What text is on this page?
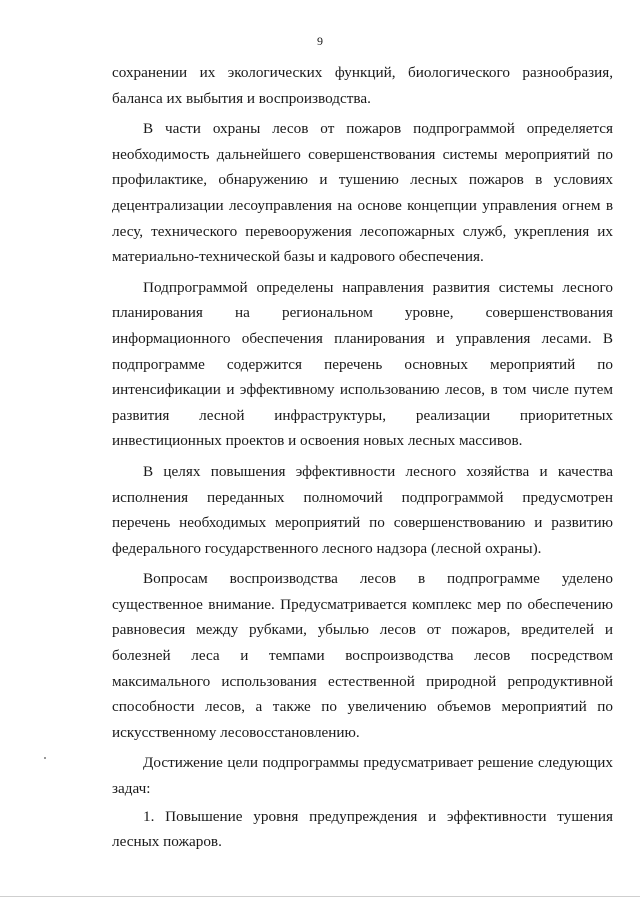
9

сохранении их экологических функций, биологического разнообразия, баланса их выбытия и воспроизводства.

В части охраны лесов от пожаров подпрограммой определяется необходимость дальнейшего совершенствования системы мероприятий по профилактике, обнаружению и тушению лесных пожаров в условиях децентрализации лесоуправления на основе концепции управления огнем в лесу, технического перевооружения лесопожарных служб, укрепления их материально-технической базы и кадрового обеспечения.

Подпрограммой определены направления развития системы лесного планирования на региональном уровне, совершенствования информационного обеспечения планирования и управления лесами. В подпрограмме содержится перечень основных мероприятий по интенсификации и эффективному использованию лесов, в том числе путем развития лесной инфраструктуры, реализации приоритетных инвестиционных проектов и освоения новых лесных массивов.

В целях повышения эффективности лесного хозяйства и качества исполнения переданных полномочий подпрограммой предусмотрен перечень необходимых мероприятий по совершенствованию и развитию федерального государственного лесного надзора (лесной охраны).

Вопросам воспроизводства лесов в подпрограмме уделено существенное внимание. Предусматривается комплекс мер по обеспечению равновесия между рубками, убылью лесов от пожаров, вредителей и болезней леса и темпами воспроизводства лесов посредством максимального использования естественной природной репродуктивной способности лесов, а также по увеличению объемов мероприятий по искусственному лесовосстановлению.

Достижение цели подпрограммы предусматривает решение следующих задач:

1. Повышение уровня предупреждения и эффективности тушения лесных пожаров.
